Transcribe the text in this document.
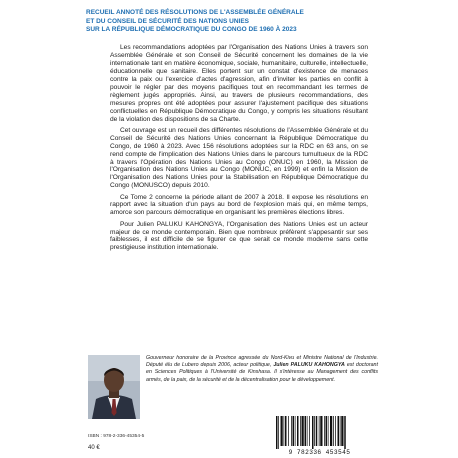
RECUEIL ANNOTÉ DES RÉSOLUTIONS DE L'ASSEMBLÉE GÉNÉRALE
ET DU CONSEIL DE SÉCURITÉ DES NATIONS UNIES
SUR LA RÉPUBLIQUE DÉMOCRATIQUE DU CONGO DE 1960 À 2023

Les recommandations adoptées par l'Organisation des Nations Unies à travers son Assemblée Générale et son Conseil de Sécurité concernent les domaines de la vie internationale tant en matière économique, sociale, humanitaire, culturelle, intellectuelle, éducationnelle que sanitaire. Elles portent sur un constat d'existence de menaces contre la paix ou l'exercice d'actes d'agression, afin d'inviter les parties en conflit à pouvoir le régler par des moyens pacifiques tout en recommandant les termes de règlement jugés appropriés. Ainsi, au travers de plusieurs recommandations, des mesures propres ont été adoptées pour assurer l'ajustement pacifique des situations conflictuelles en République Démocratique du Congo, y compris les situations résultant de la violation des dispositions de sa Charte.

Cet ouvrage est un recueil des différentes résolutions de l'Assemblée Générale et du Conseil de Sécurité des Nations Unies concernant la République Démocratique du Congo, de 1960 à 2023. Avec 156 résolutions adoptées sur la RDC en 63 ans, on se rend compte de l'implication des Nations Unies dans le parcours tumultueux de la RDC à travers l'Opération des Nations Unies au Congo (ONUC) en 1960, la Mission de l'Organisation des Nations Unies au Congo (MONUC, en 1999) et enfin la Mission de l'Organisation des Nations Unies pour la Stabilisation en République Démocratique du Congo (MONUSCO) depuis 2010.

Ce Tome 2 concerne la période allant de 2007 à 2018. Il expose les résolutions en rapport avec la situation d'un pays au bord de l'explosion mais qui, en même temps, amorce son parcours démocratique en organisant les premières élections libres.

Pour Julien PALUKU KAHONGYA, l'Organisation des Nations Unies est un acteur majeur de ce monde contemporain. Bien que nombreux préfèrent s'appesantir sur ses faiblesses, il est difficile de se figurer ce que serait ce monde moderne sans cette prestigieuse institution internationale.

Gouverneur honoraire de la Province agressée du Nord-Kivu et Ministre National de l'Industrie. Député élu de Lubero depuis 2006, acteur politique, Julien PALUKU KAHONGYA est doctorant en Sciences Politiques à l'Université de Kinshasa. Il s'intéresse au Management des conflits armés, de la paix, de la sécurité et de la décentralisation pour le développement.
ISBN : 978-2-336-45354-5
40 €
9 782336 453545
